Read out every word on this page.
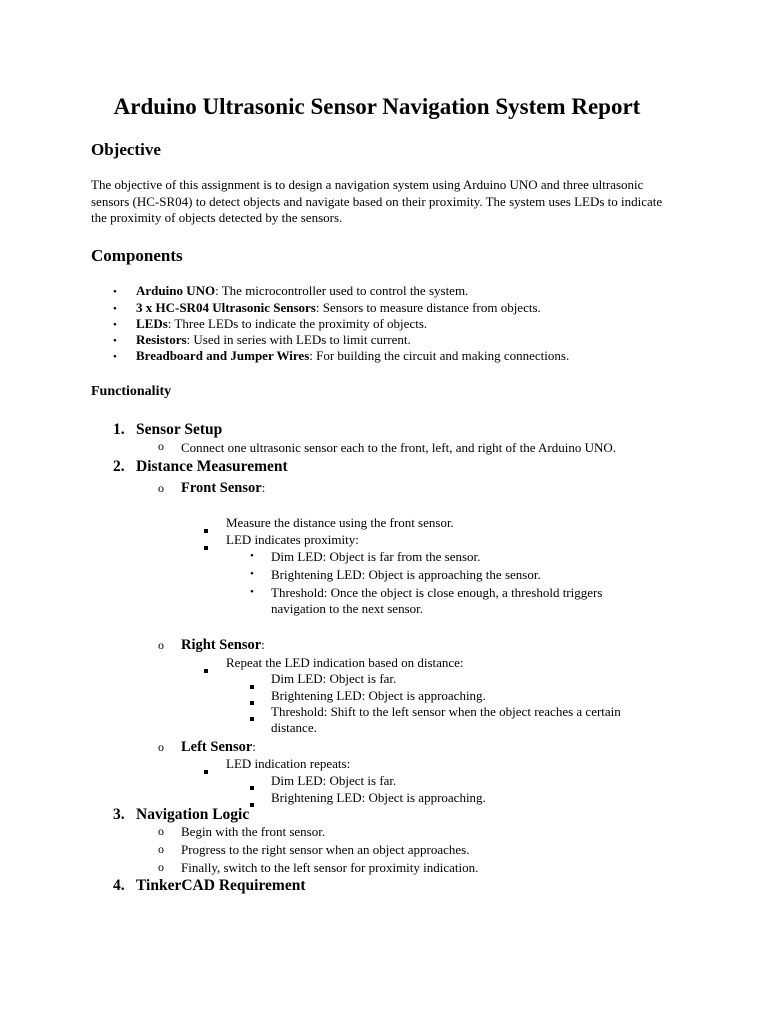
Arduino Ultrasonic Sensor Navigation System Report
Objective
The objective of this assignment is to design a navigation system using Arduino UNO and three ultrasonic sensors (HC-SR04) to detect objects and navigate based on their proximity. The system uses LEDs to indicate the proximity of objects detected by the sensors.
Components
• Arduino UNO: The microcontroller used to control the system.
• 3 x HC-SR04 Ultrasonic Sensors: Sensors to measure distance from objects.
• LEDs: Three LEDs to indicate the proximity of objects.
• Resistors: Used in series with LEDs to limit current.
• Breadboard and Jumper Wires: For building the circuit and making connections.
Functionality
1. Sensor Setup
o Connect one ultrasonic sensor each to the front, left, and right of the Arduino UNO.
2. Distance Measurement
o Front Sensor:
Measure the distance using the front sensor.
LED indicates proximity:
• Dim LED: Object is far from the sensor.
• Brightening LED: Object is approaching the sensor.
• Threshold: Once the object is close enough, a threshold triggers
navigation to the next sensor.
o Right Sensor:
Repeat the LED indication based on distance:
Dim LED: Object is far.
Brightening LED: Object is approaching.
Threshold: Shift to the left sensor when the object reaches a certain
distance.
o Left Sensor:
LED indication repeats:
Dim LED: Object is far.
Brightening LED: Object is approaching.
3. Navigation Logic
o Begin with the front sensor.
o Progress to the right sensor when an object approaches.
o Finally, switch to the left sensor for proximity indication.
4. TinkerCAD Requirement
